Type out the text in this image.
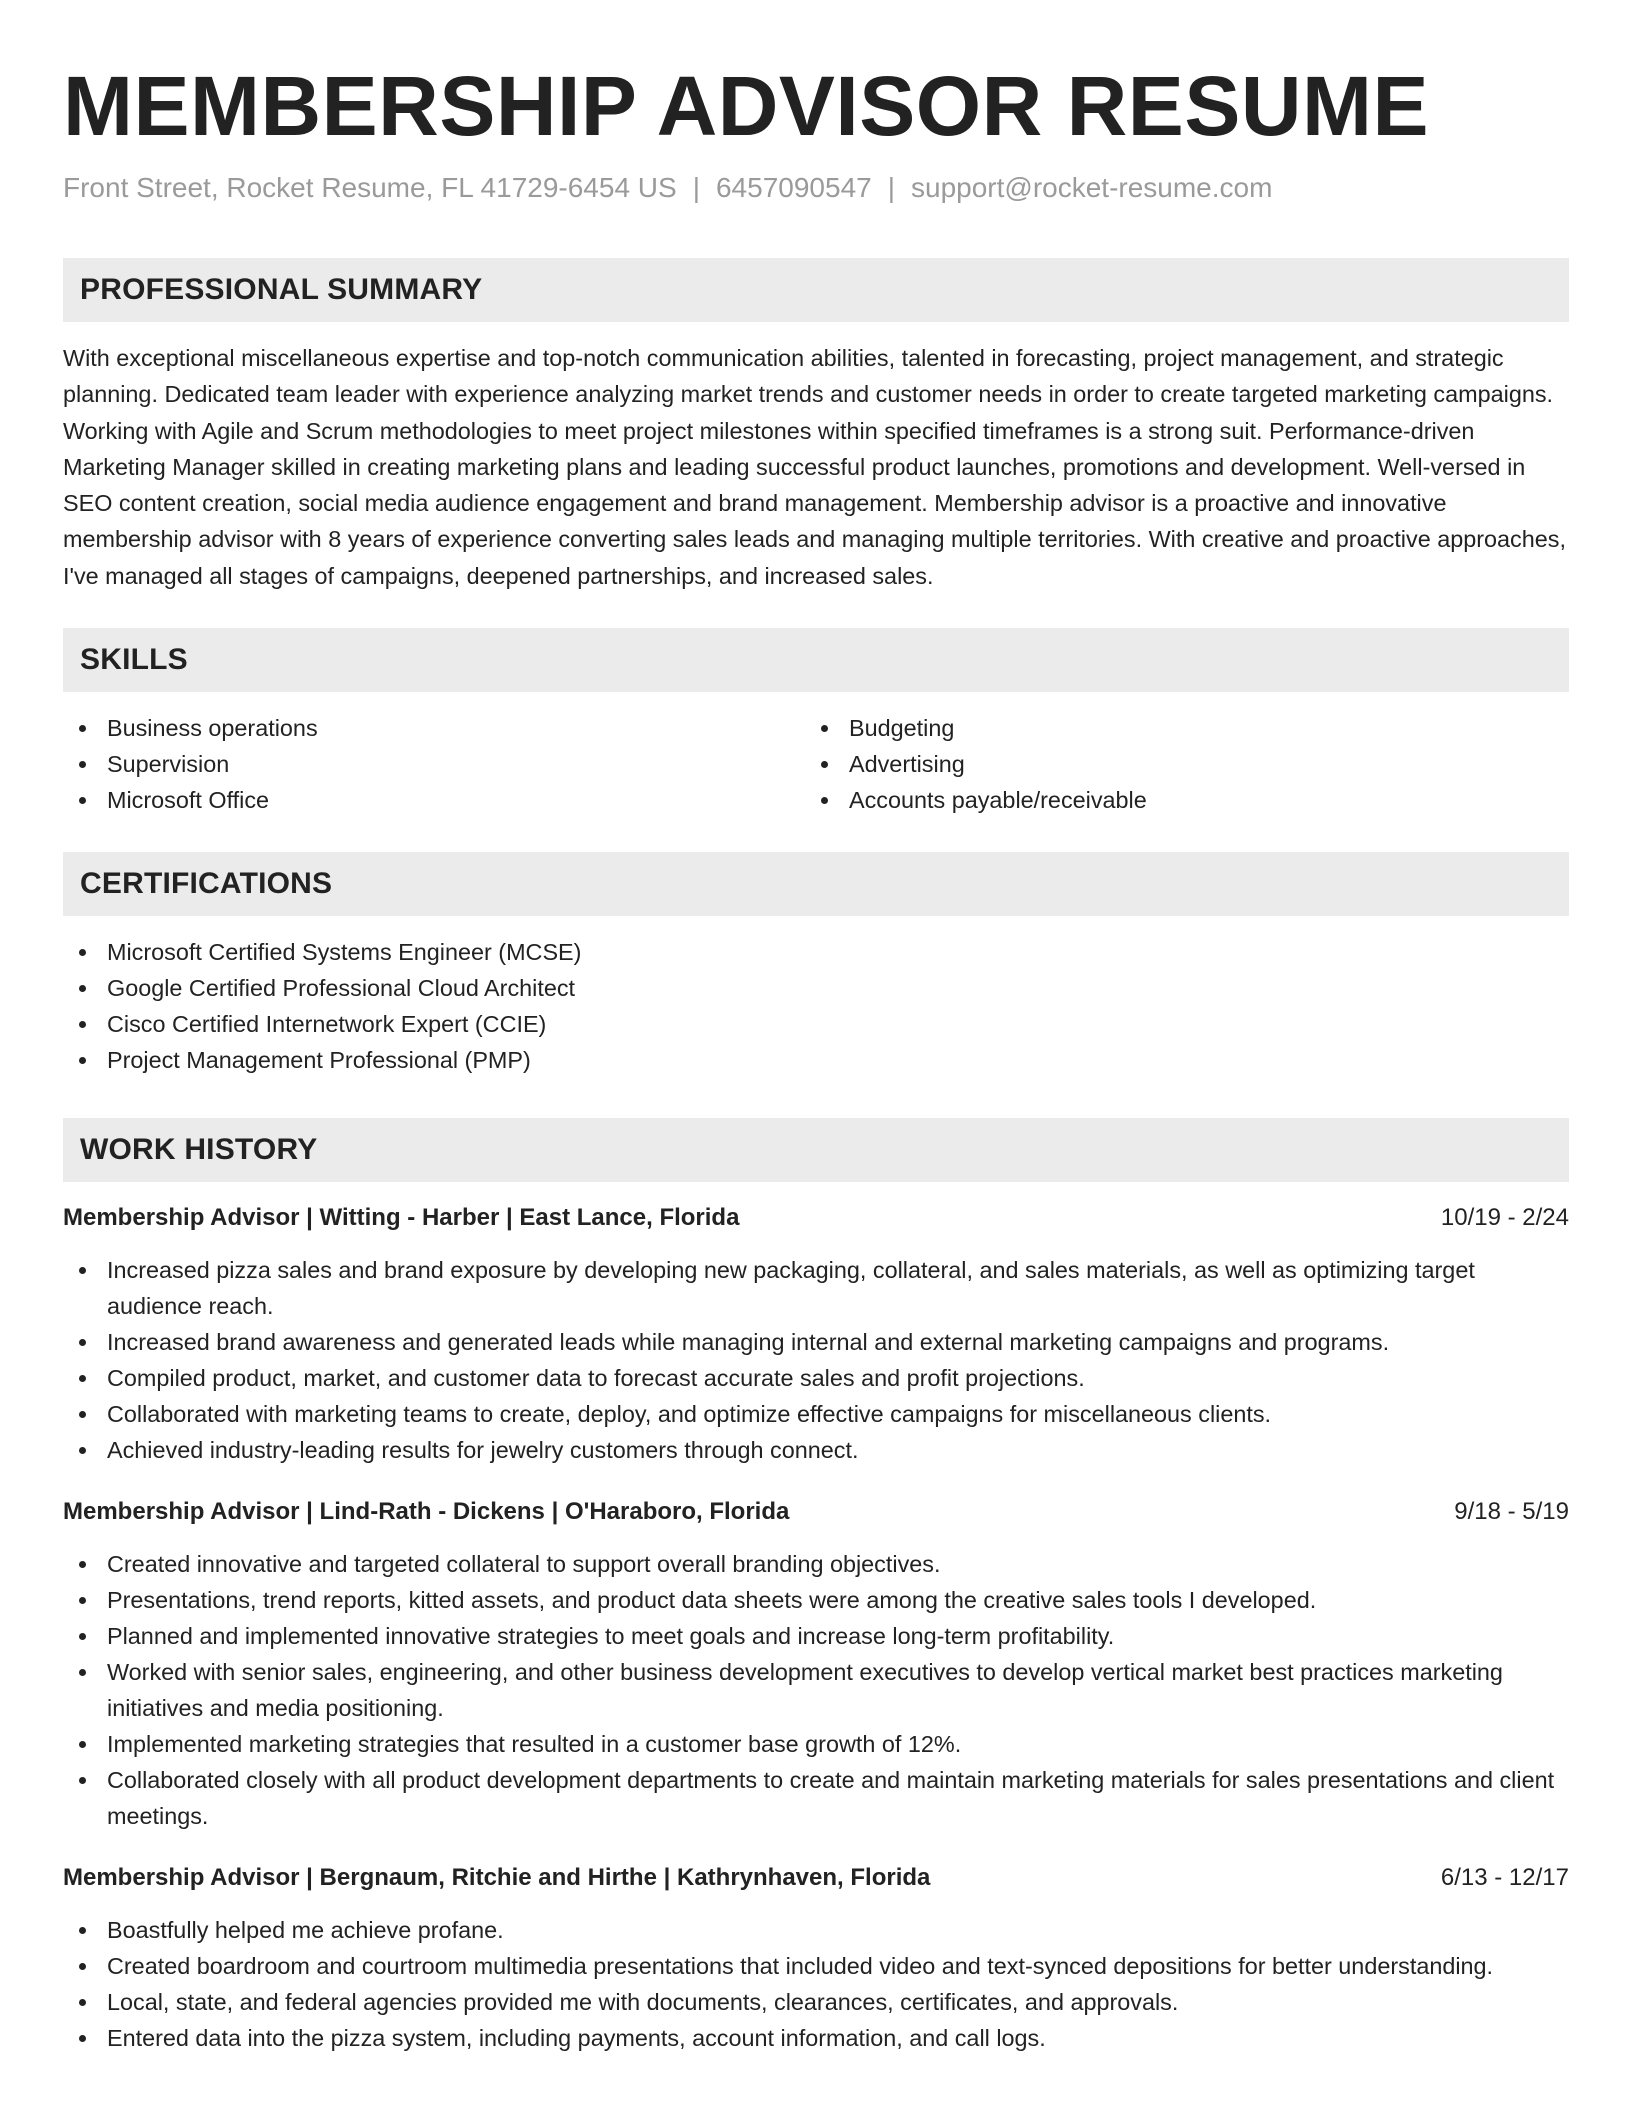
MEMBERSHIP ADVISOR RESUME
Front Street, Rocket Resume, FL 41729-6454 US | 6457090547 | support@rocket-resume.com
PROFESSIONAL SUMMARY

With exceptional miscellaneous expertise and top-notch communication abilities, talented in forecasting, project management, and strategic planning. Dedicated team leader with experience analyzing market trends and customer needs in order to create targeted marketing campaigns. Working with Agile and Scrum methodologies to meet project milestones within specified timeframes is a strong suit. Performance-driven Marketing Manager skilled in creating marketing plans and leading successful product launches, promotions and development. Well-versed in SEO content creation, social media audience engagement and brand management. Membership advisor is a proactive and innovative membership advisor with 8 years of experience converting sales leads and managing multiple territories. With creative and proactive approaches, I've managed all stages of campaigns, deepened partnerships, and increased sales.

SKILLS
Business operations
Supervision
Microsoft Office
Budgeting
Advertising
Accounts payable/receivable
CERTIFICATIONS
Microsoft Certified Systems Engineer (MCSE)
Google Certified Professional Cloud Architect
Cisco Certified Internetwork Expert (CCIE)
Project Management Professional (PMP)
WORK HISTORY
Membership Advisor | Witting - Harber | East Lance, Florida	10/19 - 2/24
Increased pizza sales and brand exposure by developing new packaging, collateral, and sales materials, as well as optimizing target audience reach.
Increased brand awareness and generated leads while managing internal and external marketing campaigns and programs.
Compiled product, market, and customer data to forecast accurate sales and profit projections.
Collaborated with marketing teams to create, deploy, and optimize effective campaigns for miscellaneous clients.
Achieved industry-leading results for jewelry customers through connect.
Membership Advisor | Lind-Rath - Dickens | O'Haraboro, Florida	9/18 - 5/19
Created innovative and targeted collateral to support overall branding objectives.
Presentations, trend reports, kitted assets, and product data sheets were among the creative sales tools I developed.
Planned and implemented innovative strategies to meet goals and increase long-term profitability.
Worked with senior sales, engineering, and other business development executives to develop vertical market best practices marketing initiatives and media positioning.
Implemented marketing strategies that resulted in a customer base growth of 12%.
Collaborated closely with all product development departments to create and maintain marketing materials for sales presentations and client meetings.
Membership Advisor | Bergnaum, Ritchie and Hirthe | Kathrynhaven, Florida	6/13 - 12/17
Boastfully helped me achieve profane.
Created boardroom and courtroom multimedia presentations that included video and text-synced depositions for better understanding.
Local, state, and federal agencies provided me with documents, clearances, certificates, and approvals.
Entered data into the pizza system, including payments, account information, and call logs.
